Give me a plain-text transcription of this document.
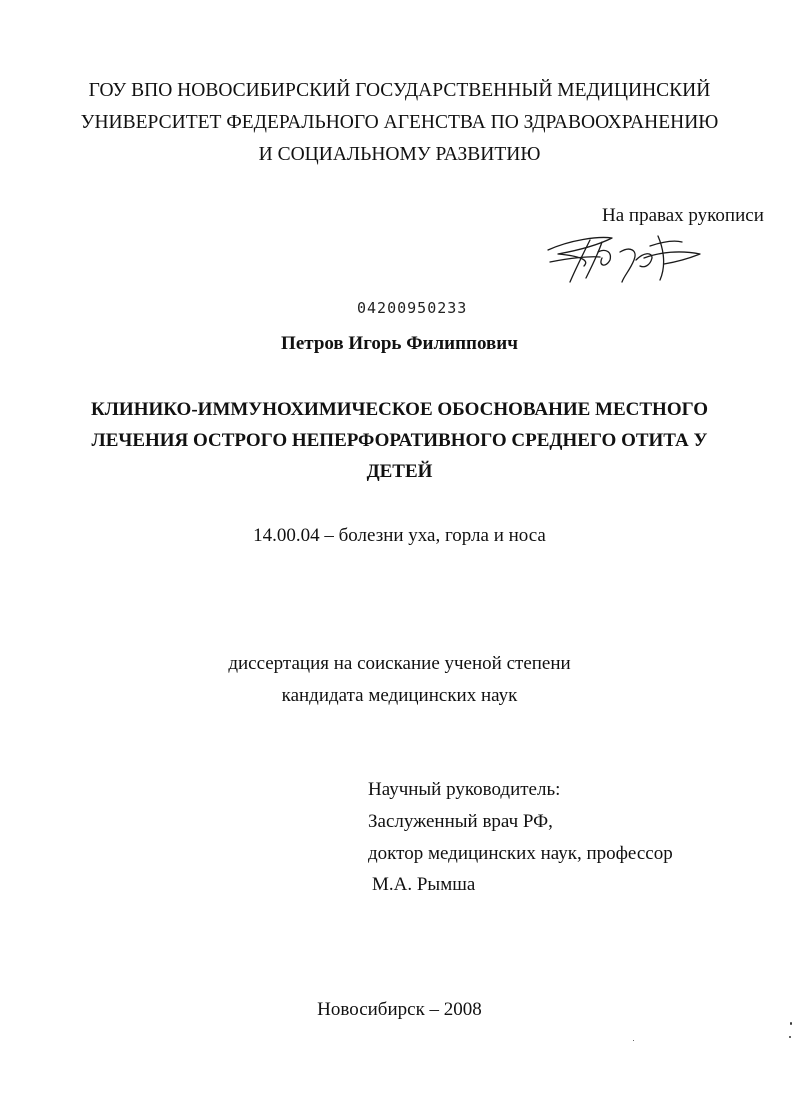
ГОУ ВПО НОВОСИБИРСКИЙ ГОСУДАРСТВЕННЫЙ МЕДИЦИНСКИЙ
УНИВЕРСИТЕТ ФЕДЕРАЛЬНОГО АГЕНСТВА ПО ЗДРАВООХРАНЕНИЮ
И СОЦИАЛЬНОМУ РАЗВИТИЮ
На правах рукописи
04200950233
Петров Игорь Филиппович
КЛИНИКО-ИММУНОХИМИЧЕСКОЕ ОБОСНОВАНИЕ МЕСТНОГО
ЛЕЧЕНИЯ ОСТРОГО НЕПЕРФОРАТИВНОГО СРЕДНЕГО ОТИТА У
ДЕТЕЙ
14.00.04 – болезни уха, горла и носа
диссертация на соискание ученой степени
кандидата медицинских наук
Научный руководитель:
Заслуженный врач РФ,
доктор медицинских наук, профессор
М.А. Рымша
Новосибирск – 2008
